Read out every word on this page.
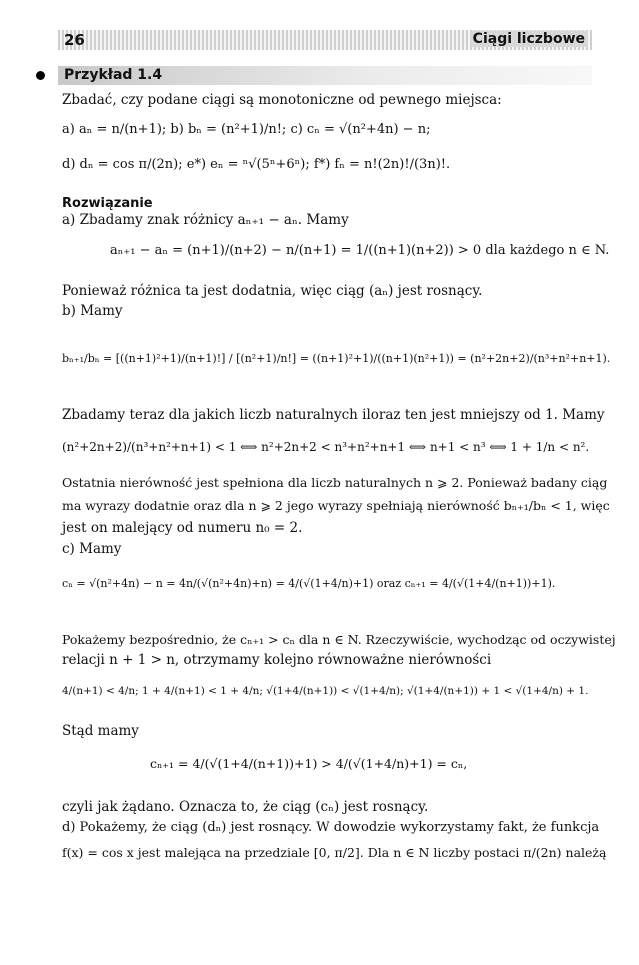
26	Ciągi liczbowe
Przykład 1.4
Zbadać, czy podane ciągi są monotoniczne od pewnego miejsca:
a) aₙ = n/(n+1); b) bₙ = (n²+1)/n!; c) cₙ = √(n²+4n) − n;
d) dₙ = cos π/(2n); e*) eₙ = ⁿ√(5ⁿ+6ⁿ); f*) fₙ = n!(2n)!/(3n)!.
Rozwiązanie
a) Zbadamy znak różnicy aₙ₊₁ − aₙ. Mamy
aₙ₊₁ − aₙ = (n+1)/(n+2) − n/(n+1) = 1/((n+1)(n+2)) > 0 dla każdego n ∈ N.
Ponieważ różnica ta jest dodatnia, więc ciąg (aₙ) jest rosnący.
b) Mamy
bₙ₊₁/bₙ = [((n+1)²+1)/(n+1)!] / [(n²+1)/n!] = ((n+1)²+1)/((n+1)(n²+1)) = (n²+2n+2)/(n³+n²+n+1).
Zbadamy teraz dla jakich liczb naturalnych iloraz ten jest mniejszy od 1. Mamy
(n²+2n+2)/(n³+n²+n+1) < 1 ⟺ n²+2n+2 < n³+n²+n+1 ⟺ n+1 < n³ ⟺ 1 + 1/n < n².
Ostatnia nierówność jest spełniona dla liczb naturalnych n ⩾ 2. Ponieważ badany ciąg
ma wyrazy dodatnie oraz dla n ⩾ 2 jego wyrazy spełniają nierówność bₙ₊₁/bₙ < 1, więc
jest on malejący od numeru n₀ = 2.
c) Mamy
cₙ = √(n²+4n) − n = 4n/(√(n²+4n)+n) = 4/(√(1+4/n)+1) oraz cₙ₊₁ = 4/(√(1+4/(n+1))+1).
Pokażemy bezpośrednio, że cₙ₊₁ > cₙ dla n ∈ N. Rzeczywiście, wychodząc od oczywistej
relacji n + 1 > n, otrzymamy kolejno równoważne nierówności
4/(n+1) < 4/n; 1 + 4/(n+1) < 1 + 4/n; √(1+4/(n+1)) < √(1+4/n); √(1+4/(n+1)) + 1 < √(1+4/n) + 1.
Stąd mamy
cₙ₊₁ = 4/(√(1+4/(n+1))+1) > 4/(√(1+4/n)+1) = cₙ,
czyli jak żądano. Oznacza to, że ciąg (cₙ) jest rosnący.
d) Pokażemy, że ciąg (dₙ) jest rosnący. W dowodzie wykorzystamy fakt, że funkcja
f(x) = cos x jest malejąca na przedziale [0, π/2]. Dla n ∈ N liczby postaci π/(2n) należą
